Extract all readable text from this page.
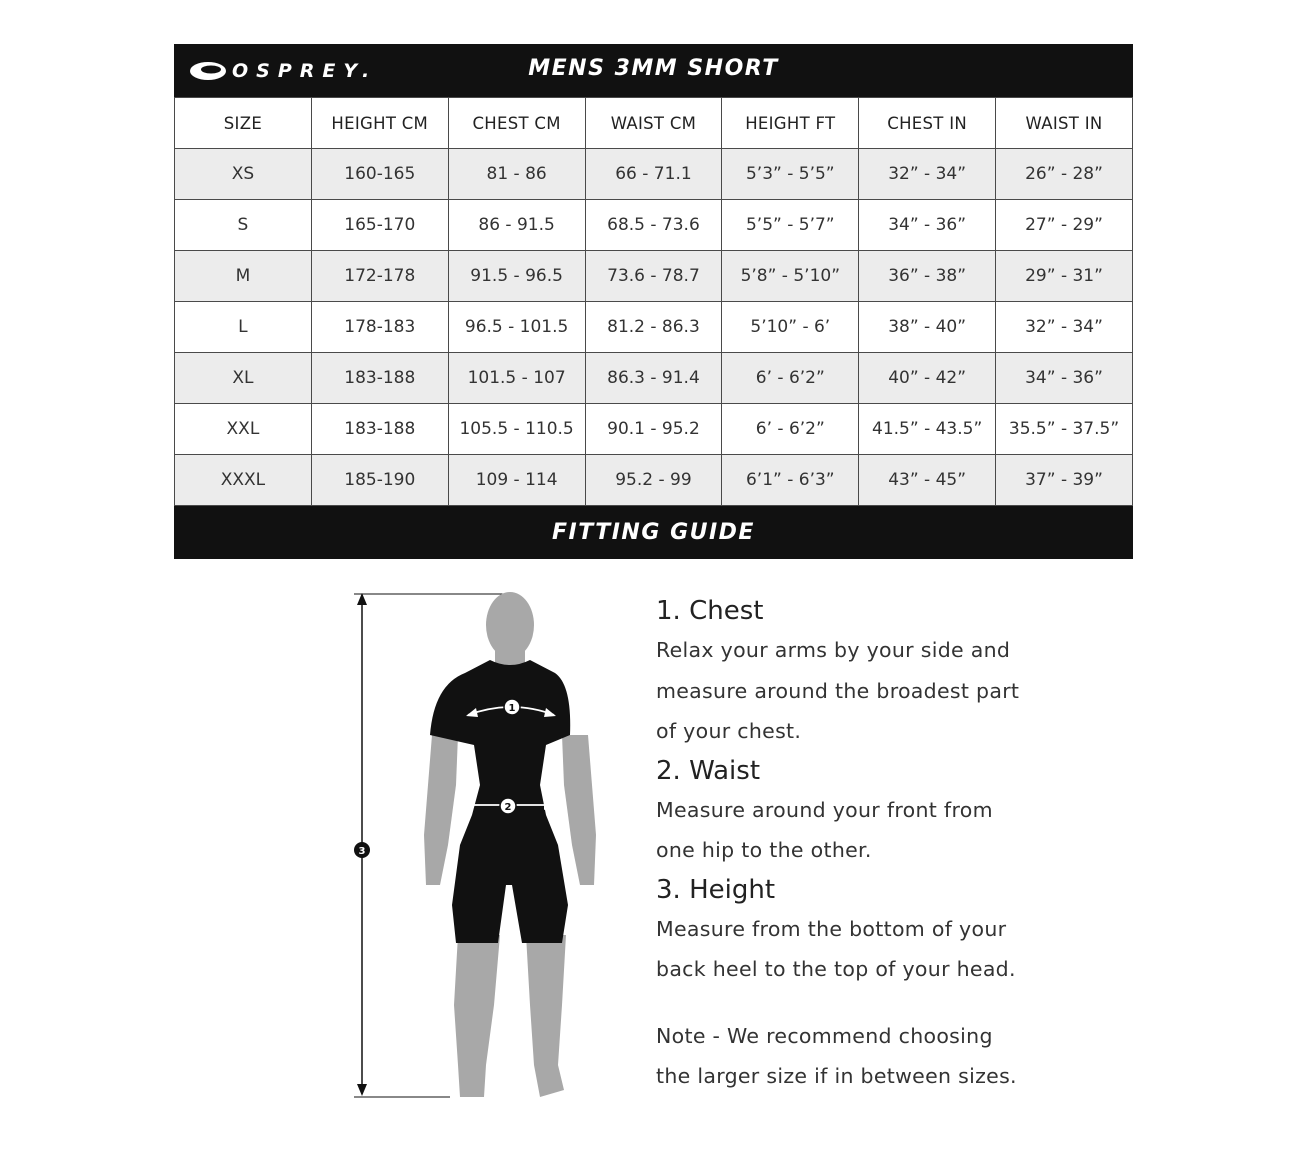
OSPREY.	MENS 3MM SHORT
SIZE	HEIGHT CM	CHEST CM	WAIST CM	HEIGHT FT	CHEST IN	WAIST IN
XS	160-165	81 - 86	66 - 71.1	5’3” - 5’5”	32” - 34”	26” - 28”
S	165-170	86 - 91.5	68.5 - 73.6	5’5” - 5’7”	34” - 36”	27” - 29”
M	172-178	91.5 - 96.5	73.6 - 78.7	5’8” - 5’10”	36” - 38”	29” - 31”
L	178-183	96.5 - 101.5	81.2 - 86.3	5’10” - 6’	38” - 40”	32” - 34”
XL	183-188	101.5 - 107	86.3 - 91.4	6’ - 6’2”	40” - 42”	34” - 36”
XXL	183-188	105.5 - 110.5	90.1 - 95.2	6’ - 6’2”	41.5” - 43.5”	35.5” - 37.5”
XXXL	185-190	109 - 114	95.2 - 99	6’1” - 6’3”	43” - 45”	37” - 39”
FITTING GUIDE
1
2
3

1. Chest

Relax your arms by your side and

measure around the broadest part

of your chest.

2. Waist

Measure around your front from

one hip to the other.

3. Height

Measure from the bottom of your

back heel to the top of your head.

Note - We recommend choosing

the larger size if in between sizes.
